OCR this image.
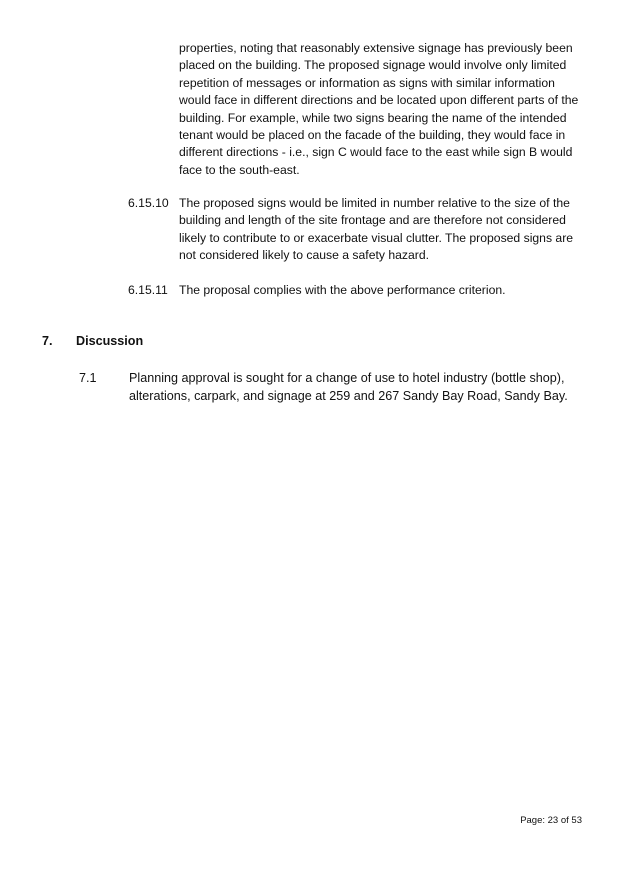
properties, noting that reasonably extensive signage has previously been placed on the building. The proposed signage would involve only limited repetition of messages or information as signs with similar information would face in different directions and be located upon different parts of the building. For example, while two signs bearing the name of the intended tenant would be placed on the facade of the building, they would face in different directions - i.e., sign C would face to the east while sign B would face to the south-east.
6.15.10 The proposed signs would be limited in number relative to the size of the building and length of the site frontage and are therefore not considered likely to contribute to or exacerbate visual clutter. The proposed signs are not considered likely to cause a safety hazard.
6.15.11 The proposal complies with the above performance criterion.
7. Discussion
7.1	Planning approval is sought for a change of use to hotel industry (bottle shop), alterations, carpark, and signage at 259 and 267 Sandy Bay Road, Sandy Bay.
Page: 23 of 53
